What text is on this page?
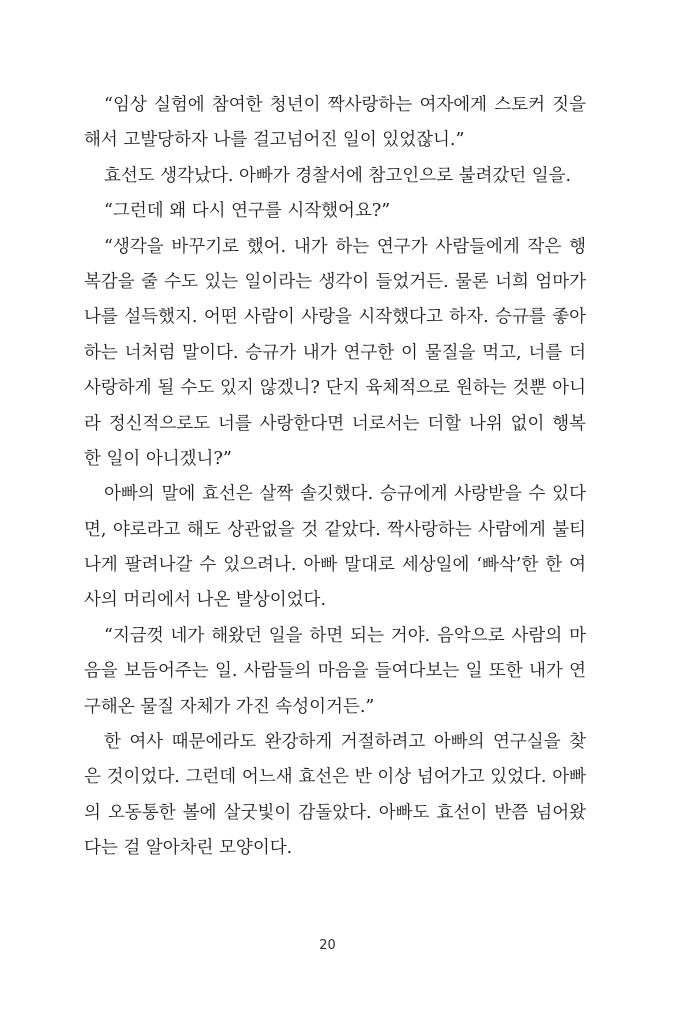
“임상 실험에 참여한 청년이 짝사랑하는 여자에게 스토커 짓을
해서 고발당하자 나를 걸고넘어진 일이 있었잖니.”
효선도 생각났다. 아빠가 경찰서에 참고인으로 불려갔던 일을.
“그런데 왜 다시 연구를 시작했어요?”
“생각을 바꾸기로 했어. 내가 하는 연구가 사람들에게 작은 행
복감을 줄 수도 있는 일이라는 생각이 들었거든. 물론 너희 엄마가
나를 설득했지. 어떤 사람이 사랑을 시작했다고 하자. 승규를 좋아
하는 너처럼 말이다. 승규가 내가 연구한 이 물질을 먹고, 너를 더
사랑하게 될 수도 있지 않겠니? 단지 육체적으로 원하는 것뿐 아니
라 정신적으로도 너를 사랑한다면 너로서는 더할 나위 없이 행복
한 일이 아니겠니?”
아빠의 말에 효선은 살짝 솔깃했다. 승규에게 사랑받을 수 있다
면, 야로라고 해도 상관없을 것 같았다. 짝사랑하는 사람에게 불티
나게 팔려나갈 수 있으려나. 아빠 말대로 세상일에 ‘빠삭’한 한 여
사의 머리에서 나온 발상이었다.
“지금껏 네가 해왔던 일을 하면 되는 거야. 음악으로 사람의 마
음을 보듬어주는 일. 사람들의 마음을 들여다보는 일 또한 내가 연
구해온 물질 자체가 가진 속성이거든.”
한 여사 때문에라도 완강하게 거절하려고 아빠의 연구실을 찾
은 것이었다. 그런데 어느새 효선은 반 이상 넘어가고 있었다. 아빠
의 오동통한 볼에 살굿빛이 감돌았다. 아빠도 효선이 반쯤 넘어왔
다는 걸 알아차린 모양이다.
20
